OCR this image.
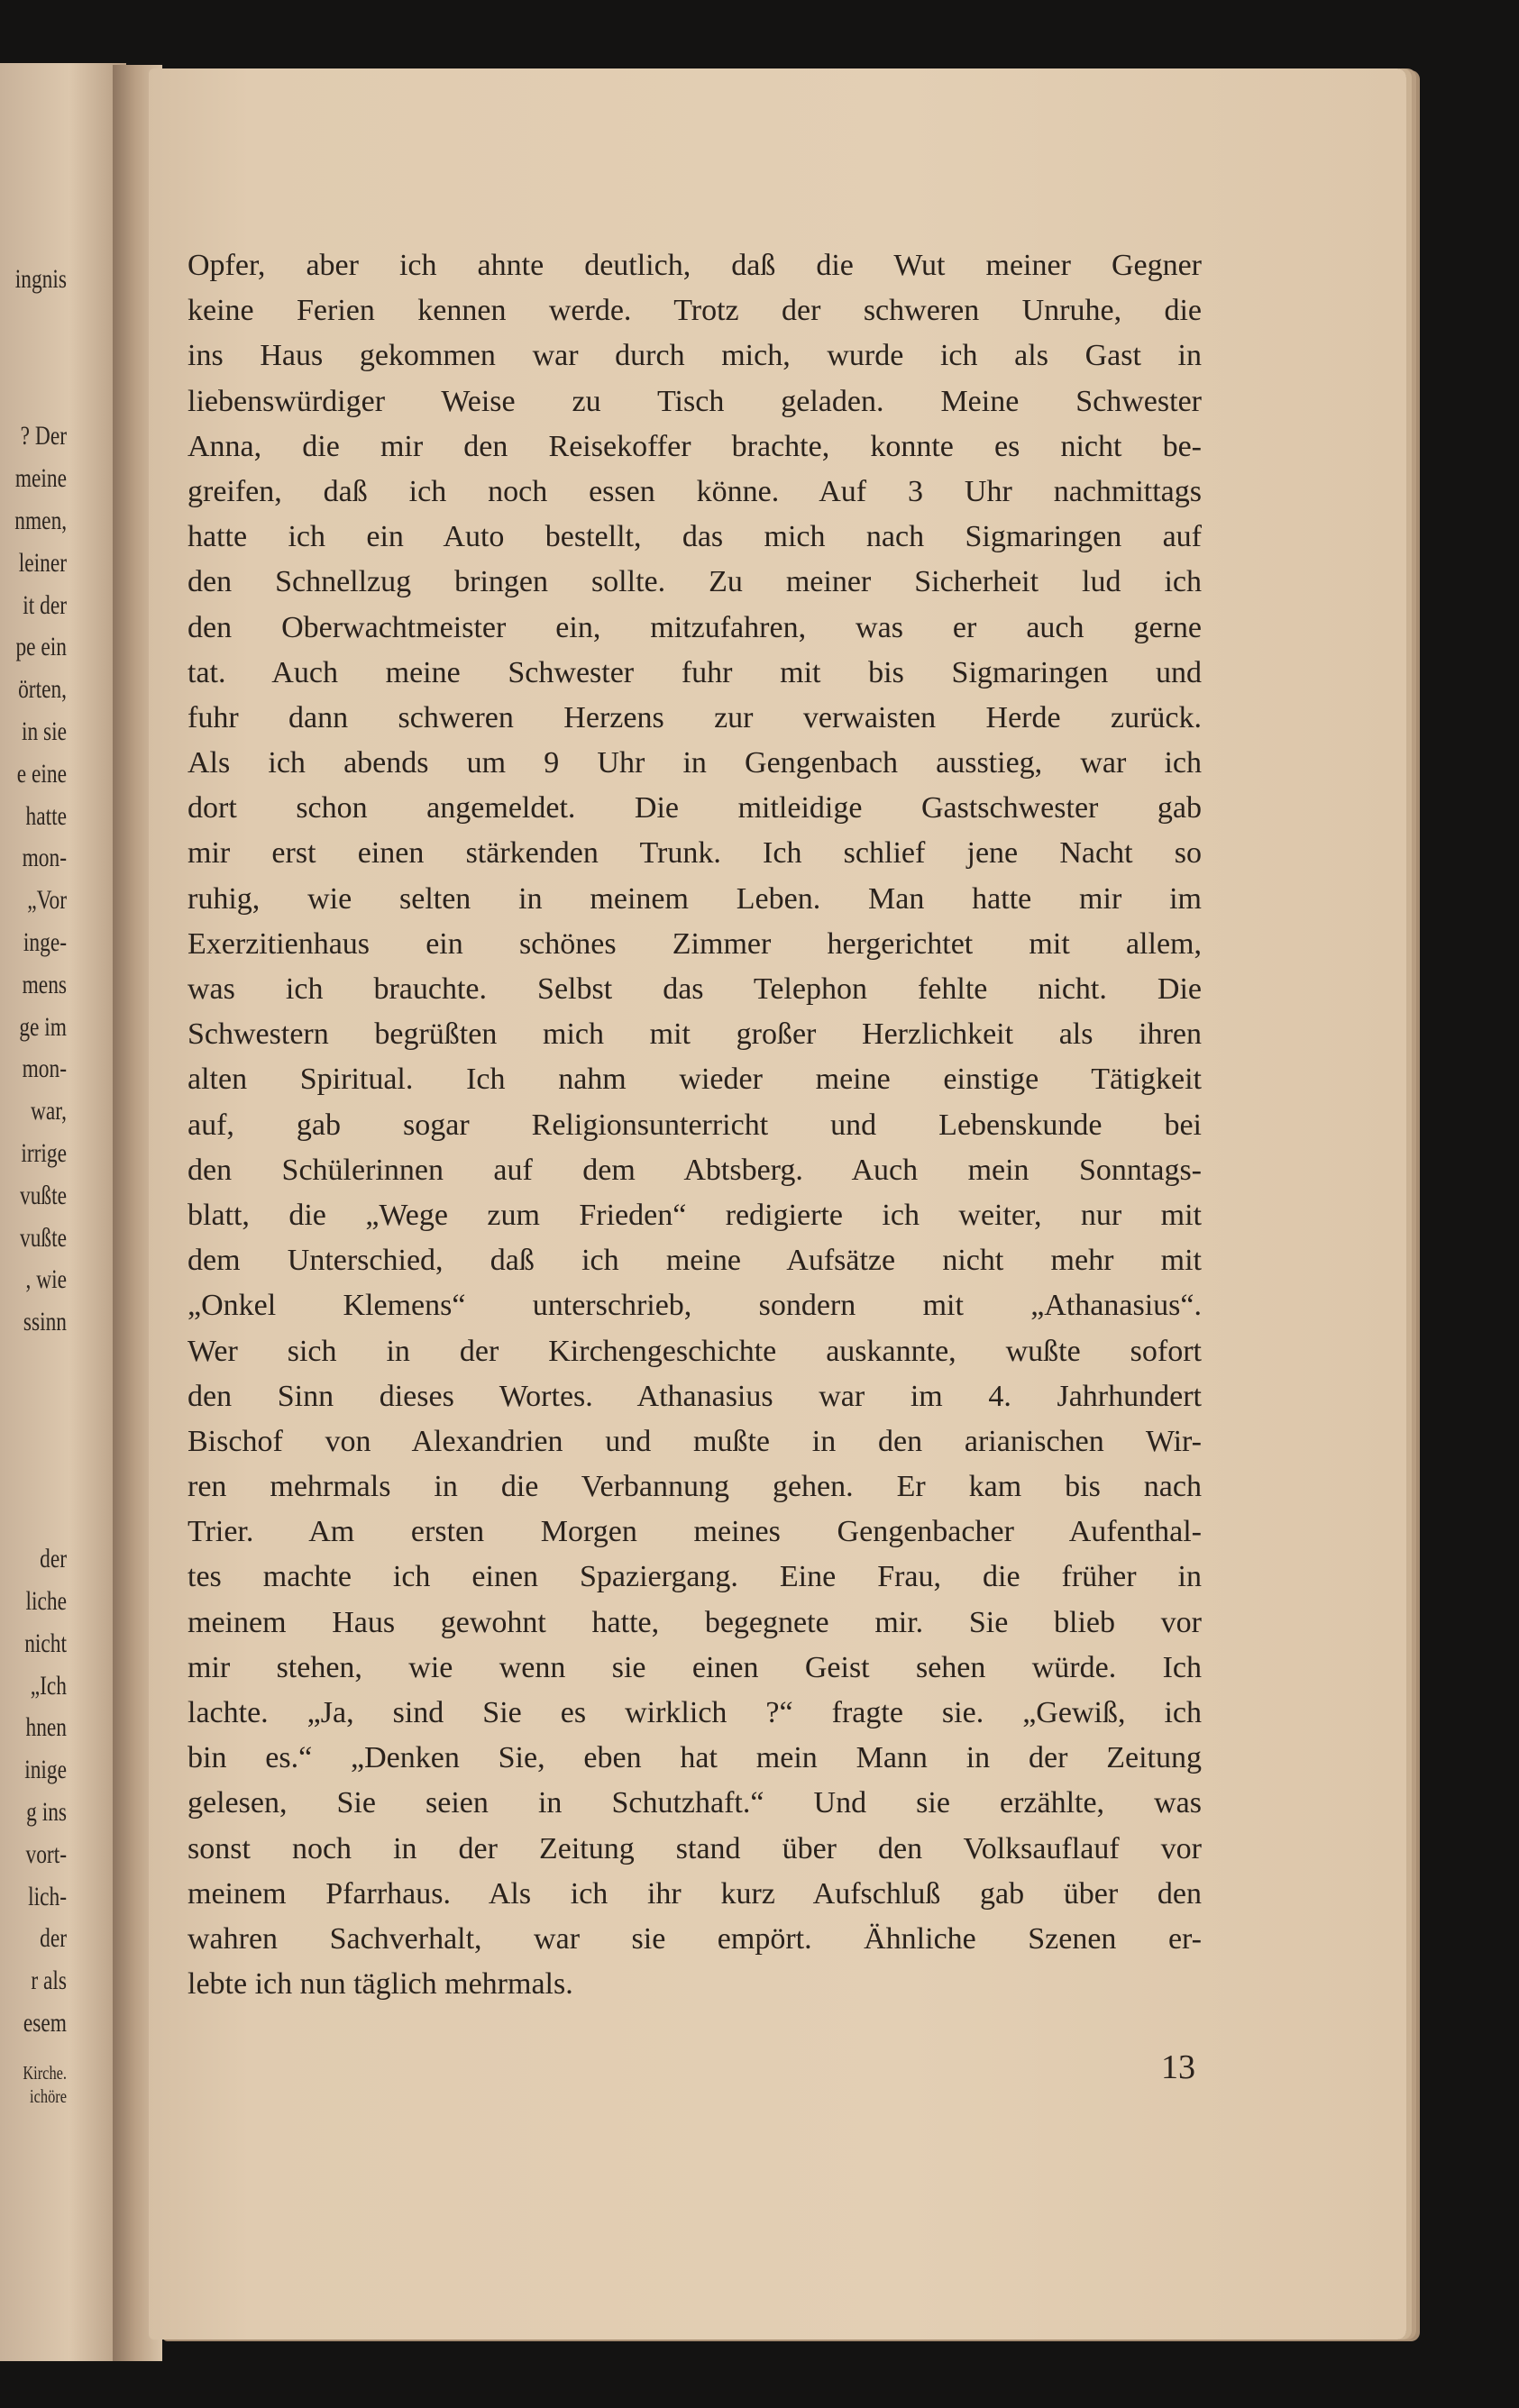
ingnis
? Der
meine
nmen,
leiner
it der
pe ein
örten,
in sie
e eine
hatte
mon-
„Vor
inge-
mens
ge im
mon-
war,
irrige
vußte
vußte
, wie
ssinn
der
liche
nicht
„Ich
hnen
inige
g ins
vort-
lich-
der
r als
esem
Kirche.
ichöre
Opfer, aber ich ahnte deutlich, daß die Wut meiner Gegner
keine Ferien kennen werde. Trotz der schweren Unruhe, die
ins Haus gekommen war durch mich, wurde ich als Gast in
liebenswürdiger Weise zu Tisch geladen. Meine Schwester
Anna, die mir den Reisekoffer brachte, konnte es nicht be-
greifen, daß ich noch essen könne. Auf 3 Uhr nachmittags
hatte ich ein Auto bestellt, das mich nach Sigmaringen auf
den Schnellzug bringen sollte. Zu meiner Sicherheit lud ich
den Oberwachtmeister ein, mitzufahren, was er auch gerne
tat. Auch meine Schwester fuhr mit bis Sigmaringen und
fuhr dann schweren Herzens zur verwaisten Herde zurück.
Als ich abends um 9 Uhr in Gengenbach ausstieg, war ich
dort schon angemeldet. Die mitleidige Gastschwester gab
mir erst einen stärkenden Trunk. Ich schlief jene Nacht so
ruhig, wie selten in meinem Leben. Man hatte mir im
Exerzitienhaus ein schönes Zimmer hergerichtet mit allem,
was ich brauchte. Selbst das Telephon fehlte nicht. Die
Schwestern begrüßten mich mit großer Herzlichkeit als ihren
alten Spiritual. Ich nahm wieder meine einstige Tätigkeit
auf, gab sogar Religionsunterricht und Lebenskunde bei
den Schülerinnen auf dem Abtsberg. Auch mein Sonntags-
blatt, die „Wege zum Frieden“ redigierte ich weiter, nur mit
dem Unterschied, daß ich meine Aufsätze nicht mehr mit
„Onkel Klemens“ unterschrieb, sondern mit „Athanasius“.
Wer sich in der Kirchengeschichte auskannte, wußte sofort
den Sinn dieses Wortes. Athanasius war im 4. Jahrhundert
Bischof von Alexandrien und mußte in den arianischen Wir-
ren mehrmals in die Verbannung gehen. Er kam bis nach
Trier. Am ersten Morgen meines Gengenbacher Aufenthal-
tes machte ich einen Spaziergang. Eine Frau, die früher in
meinem Haus gewohnt hatte, begegnete mir. Sie blieb vor
mir stehen, wie wenn sie einen Geist sehen würde. Ich
lachte. „Ja, sind Sie es wirklich ?“ fragte sie. „Gewiß, ich
bin es.“ „Denken Sie, eben hat mein Mann in der Zeitung
gelesen, Sie seien in Schutzhaft.“ Und sie erzählte, was
sonst noch in der Zeitung stand über den Volksauflauf vor
meinem Pfarrhaus. Als ich ihr kurz Aufschluß gab über den
wahren Sachverhalt, war sie empört. Ähnliche Szenen er-
lebte ich nun täglich mehrmals.
13
